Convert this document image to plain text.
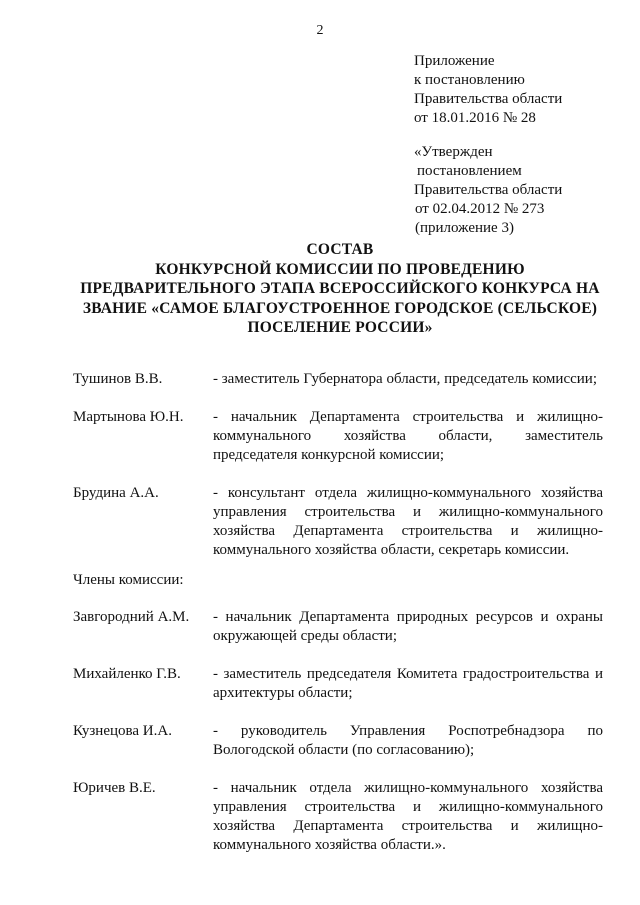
2
Приложение
к постановлению
Правительства области
от 18.01.2016 № 28
«Утвержден
постановлением
Правительства области
от 02.04.2012 № 273
(приложение 3)
СОСТАВ
КОНКУРСНОЙ КОМИССИИ ПО ПРОВЕДЕНИЮ
ПРЕДВАРИТЕЛЬНОГО ЭТАПА ВСЕРОССИЙСКОГО КОНКУРСА НА
ЗВАНИЕ «САМОЕ БЛАГОУСТРОЕННОЕ ГОРОДСКОЕ (СЕЛЬСКОЕ)
ПОСЕЛЕНИЕ РОССИИ»
Тушинов В.В.	- заместитель Губернатора области, председатель комиссии;
Мартынова Ю.Н.	- начальник Департамента строительства и жилищно-коммунального хозяйства области, заместитель председателя конкурсной комиссии;
Брудина А.А.	- консультант отдела жилищно-коммунального хозяйства управления строительства и жилищно-коммунального хозяйства Департамента строительства и жилищно-коммунального хозяйства области, секретарь комиссии.
Члены комиссии:
Завгородний А.М.	- начальник Департамента природных ресурсов и охраны окружающей среды области;
Михайленко Г.В.	- заместитель председателя Комитета градостроительства и архитектуры области;
Кузнецова И.А.	- руководитель Управления Роспотребнадзора по Вологодской области (по согласованию);
Юричев В.Е.	- начальник отдела жилищно-коммунального хозяйства управления строительства и жилищно-коммунального хозяйства Департамента строительства и жилищно-коммунального хозяйства области.».
